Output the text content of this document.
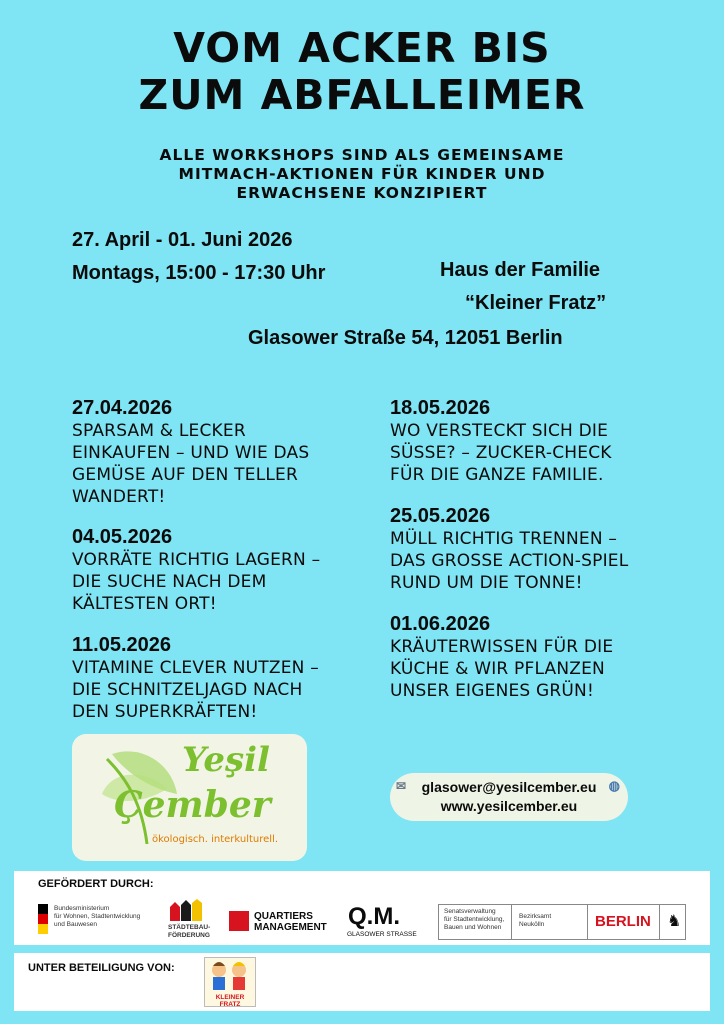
VOM ACKER BIS
ZUM ABFALLEIMER
ALLE WORKSHOPS SIND ALS GEMEINSAME
MITMACH-AKTIONEN FÜR KINDER UND
ERWACHSENE KONZIPIERT
27. April - 01. Juni 2026
Montags, 15:00 - 17:30 Uhr	Haus der Familie
“Kleiner Fratz”
Glasower Straße 54, 12051 Berlin
27.04.2026
SPARSAM & LECKER
EINKAUFEN – UND WIE DAS
GEMÜSE AUF DEN TELLER
WANDERT!
04.05.2026
VORRÄTE RICHTIG LAGERN –
DIE SUCHE NACH DEM
KÄLTESTEN ORT!
11.05.2026
VITAMINE CLEVER NUTZEN –
DIE SCHNITZELJAGD NACH
DEN SUPERKRÄFTEN!
18.05.2026
WO VERSTECKT SICH DIE
SÜSSE? – ZUCKER-CHECK
FÜR DIE GANZE FAMILIE.
25.05.2026
MÜLL RICHTIG TRENNEN –
DAS GROSSE ACTION-SPIEL
RUND UM DIE TONNE!
01.06.2026
KRÄUTERWISSEN FÜR DIE
KÜCHE & WIR PFLANZEN
UNSER EIGENES GRÜN!
Yeşil
Çember
ökologisch. interkulturell.
✉	◍
glasower@yesilcember.eu
www.yesilcember.eu
GEFÖRDERT DURCH:
Bundesministerium
für Wohnen, Stadtentwicklung
und Bauwesen	STÄDTEBAU-
FÖRDERUNG
QUARTIERS
MANAGEMENT Q.M.
GLASOWER STRASSE
Senatsverwaltung
für Stadtentwicklung,
Bauen und Wohnen
Bezirksamt
Neukölln	BERLIN ♞
UNTER BETEILIGUNG VON:
KLEINER FRATZ
